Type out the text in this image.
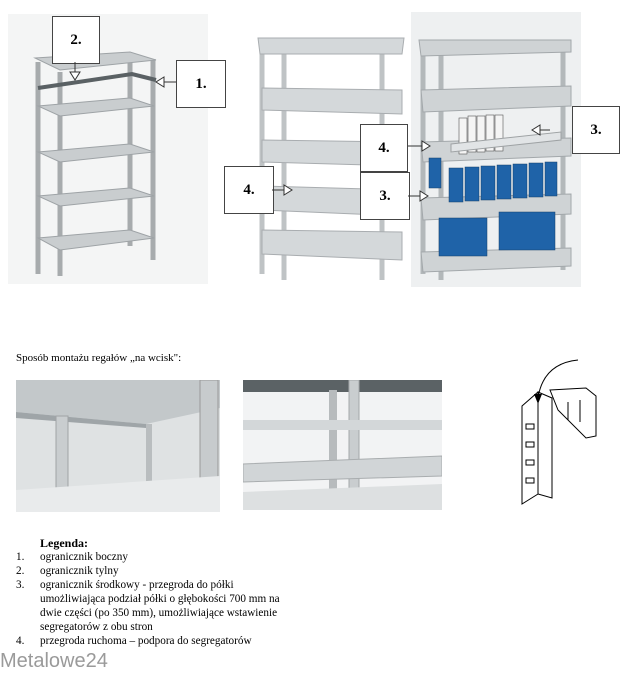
2.
1.
3.
4.
4.	3.
Sposób montażu regałów „na wcisk":
Legenda:
1.	ogranicznik boczny
2.	ogranicznik tylny
3.	ogranicznik środkowy - przegroda do półki
umożliwiająca podział półki o głębokości 700 mm na
dwie części (po 350 mm), umożliwiające wstawienie
segregatorów z obu stron
4.	przegroda ruchoma – podpora do segregatorów
Metalowe24
